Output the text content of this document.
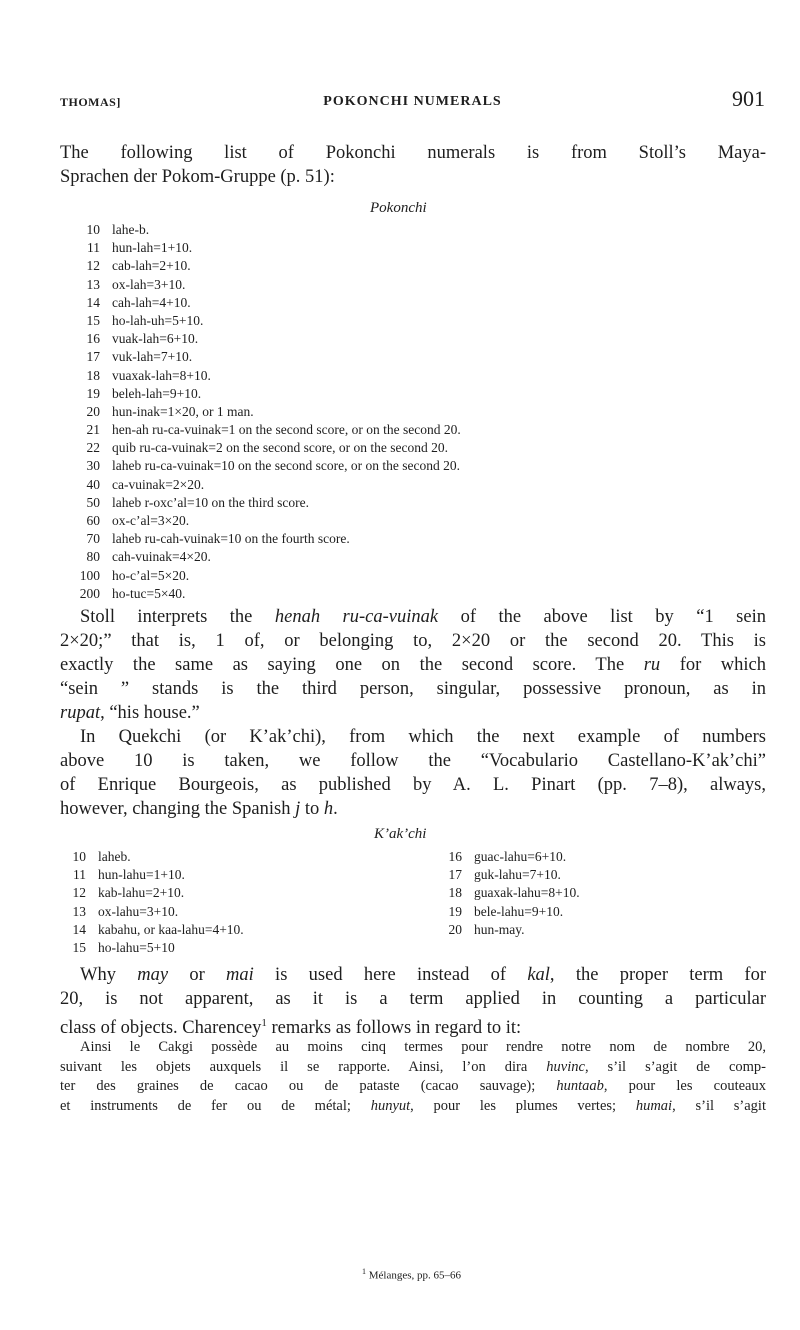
THOMAS]	POKONCHI NUMERALS	901
The following list of Pokonchi numerals is from Stoll’s Maya-
Sprachen der Pokom-Gruppe (p. 51):
Pokonchi
10 lahe-b.
11 hun-lah=1+10.
12 cab-lah=2+10.
13 ox-lah=3+10.
14 cah-lah=4+10.
15 ho-lah-uh=5+10.
16 vuak-lah=6+10.
17 vuk-lah=7+10.
18 vuaxak-lah=8+10.
19 beleh-lah=9+10.
20 hun-inak=1×20, or 1 man.
21 hen-ah ru-ca-vuinak=1 on the second score, or on the second 20.
22 quib ru-ca-vuinak=2 on the second score, or on the second 20.
30 laheb ru-ca-vuinak=10 on the second score, or on the second 20.
40 ca-vuinak=2×20.
50 laheb r-oxc’al=10 on the third score.
60 ox-c’al=3×20.
70 laheb ru-cah-vuinak=10 on the fourth score.
80 cah-vuinak=4×20.
100 ho-c’al=5×20.
200 ho-tuc=5×40.
Stoll interprets the henah ru-ca-vuinak of the above list by “1 sein
2×20;” that is, 1 of, or belonging to, 2×20 or the second 20. This is
exactly the same as saying one on the second score. The ru for which
“sein ” stands is the third person, singular, possessive pronoun, as in
rupat, “his house.”
In Quekchi (or K’ak’chi), from which the next example of numbers
above 10 is taken, we follow the “Vocabulario Castellano-K’ak’chi”
of Enrique Bourgeois, as published by A. L. Pinart (pp. 7–8), always,
however, changing the Spanish j to h.
K’ak’chi
10 laheb.
11 hun-lahu=1+10.
12 kab-lahu=2+10.
13 ox-lahu=3+10.
14 kabahu, or kaa-lahu=4+10.
15 ho-lahu=5+10
16 guac-lahu=6+10.
17 guk-lahu=7+10.
18 guaxak-lahu=8+10.
19 bele-lahu=9+10.
20 hun-may.
Why may or mai is used here instead of kal, the proper term for
20, is not apparent, as it is a term applied in counting a particular
class of objects. Charencey$^1$ remarks as follows in regard to it:
Ainsi le Cakgi possède au moins cinq termes pour rendre notre nom de nombre 20,
suivant les objets auxquels il se rapporte. Ainsi, l’on dira huvinc, s’il s’agit de comp-
ter des graines de cacao ou de pataste (cacao sauvage); huntaab, pour les couteaux
et instruments de fer ou de métal; hunyut, pour les plumes vertes; humai, s’il s’agit
$^1$ Mélanges, pp. 65–66
